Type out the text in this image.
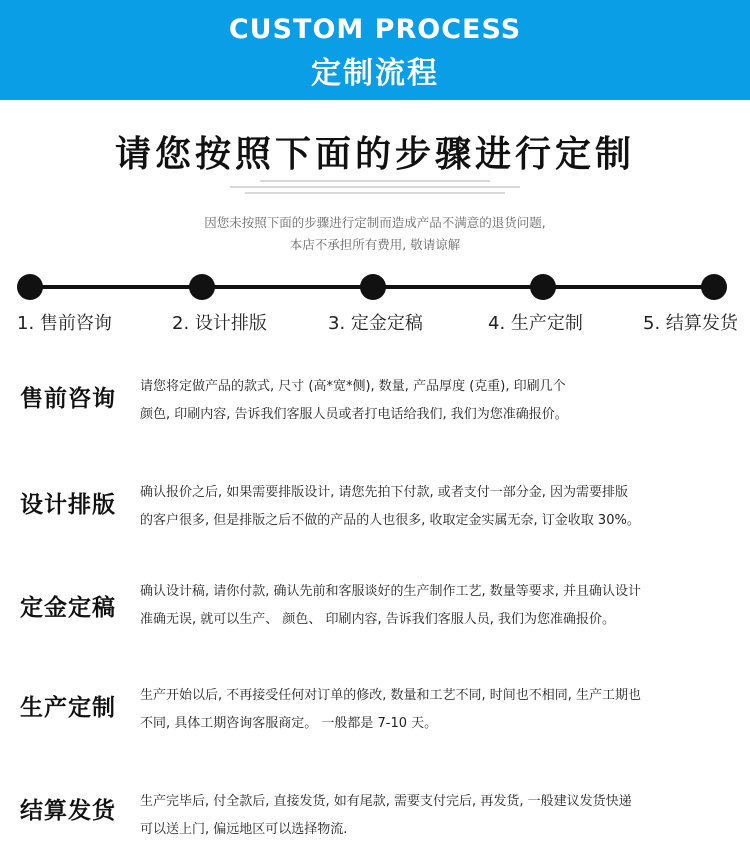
CUSTOM PROCESS
定制流程
请您按照下面的步骤进行定制
因您未按照下面的步骤进行定制而造成产品不满意的退货问题,
本店不承担所有费用, 敬请谅解
1. 售前咨询	2. 设计排版	3. 定金定稿	4. 生产定制	5. 结算发货
售前咨询 请您将定做产品的款式, 尺寸 (高*宽*侧), 数量, 产品厚度 (克重), 印刷几个
颜色, 印刷内容, 告诉我们客服人员或者打电话给我们, 我们为您准确报价。
设计排版 确认报价之后, 如果需要排版设计, 请您先拍下付款, 或者支付一部分金, 因为需要排版
的客户很多, 但是排版之后不做的产品的人也很多, 收取定金实属无奈, 订金收取 30%。
定金定稿
确认设计稿, 请你付款, 确认先前和客服谈好的生产制作工艺, 数量等要求, 并且确认设计
准确无误, 就可以生产、 颜色、 印刷内容, 告诉我们客服人员, 我们为您准确报价。
生产定制 生产开始以后, 不再接受任何对订单的修改, 数量和工艺不同, 时间也不相同, 生产工期也
不同, 具体工期咨询客服商定。 一般都是 7-10 天。
结算发货 生产完毕后, 付全款后, 直接发货, 如有尾款, 需要支付完后, 再发货, 一般建议发货快递
可以送上门, 偏远地区可以选择物流.
